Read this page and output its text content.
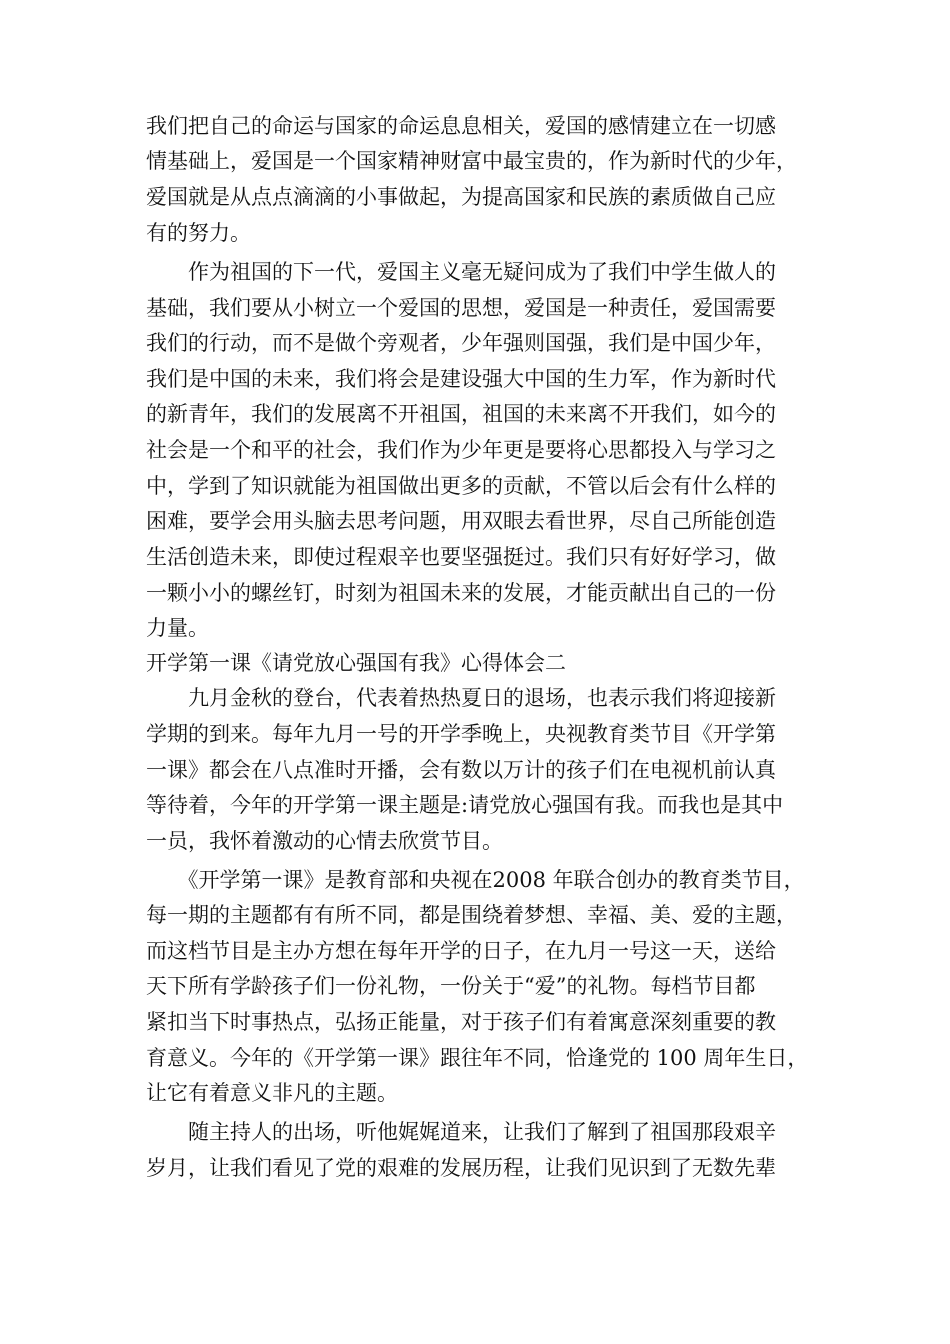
我们把自己的命运与国家的命运息息相关，爱国的感情建立在一切感
情基础上，爱国是一个国家精神财富中最宝贵的，作为新时代的少年，
爱国就是从点点滴滴的小事做起，为提高国家和民族的素质做自己应
有的努力。
　　作为祖国的下一代，爱国主义毫无疑问成为了我们中学生做人的
基础，我们要从小树立一个爱国的思想，爱国是一种责任，爱国需要
我们的行动，而不是做个旁观者，少年强则国强，我们是中国少年，
我们是中国的未来，我们将会是建设强大中国的生力军，作为新时代
的新青年，我们的发展离不开祖国，祖国的未来离不开我们，如今的
社会是一个和平的社会，我们作为少年更是要将心思都投入与学习之
中，学到了知识就能为祖国做出更多的贡献，不管以后会有什么样的
困难，要学会用头脑去思考问题，用双眼去看世界，尽自己所能创造
生活创造未来，即使过程艰辛也要坚强挺过。我们只有好好学习，做
一颗小小的螺丝钉，时刻为祖国未来的发展，才能贡献出自己的一份
力量。
开学第一课《请党放心强国有我》心得体会二
　　九月金秋的登台，代表着热热夏日的退场，也表示我们将迎接新
学期的到来。每年九月一号的开学季晚上，央视教育类节目《开学第
一课》都会在八点准时开播，会有数以万计的孩子们在电视机前认真
等待着，今年的开学第一课主题是:请党放心强国有我。而我也是其中
一员，我怀着激动的心情去欣赏节目。
　　《开学第一课》是教育部和央视在2008 年联合创办的教育类节目，
每一期的主题都有有所不同，都是围绕着梦想、幸福、美、爱的主题，
而这档节目是主办方想在每年开学的日子，在九月一号这一天，送给
天下所有学龄孩子们一份礼物，一份关于“爱”的礼物。每档节目都
紧扣当下时事热点，弘扬正能量，对于孩子们有着寓意深刻重要的教
育意义。今年的《开学第一课》跟往年不同，恰逢党的 100 周年生日，
让它有着意义非凡的主题。
　　随主持人的出场，听他娓娓道来，让我们了解到了祖国那段艰辛
岁月，让我们看见了党的艰难的发展历程，让我们见识到了无数先辈
